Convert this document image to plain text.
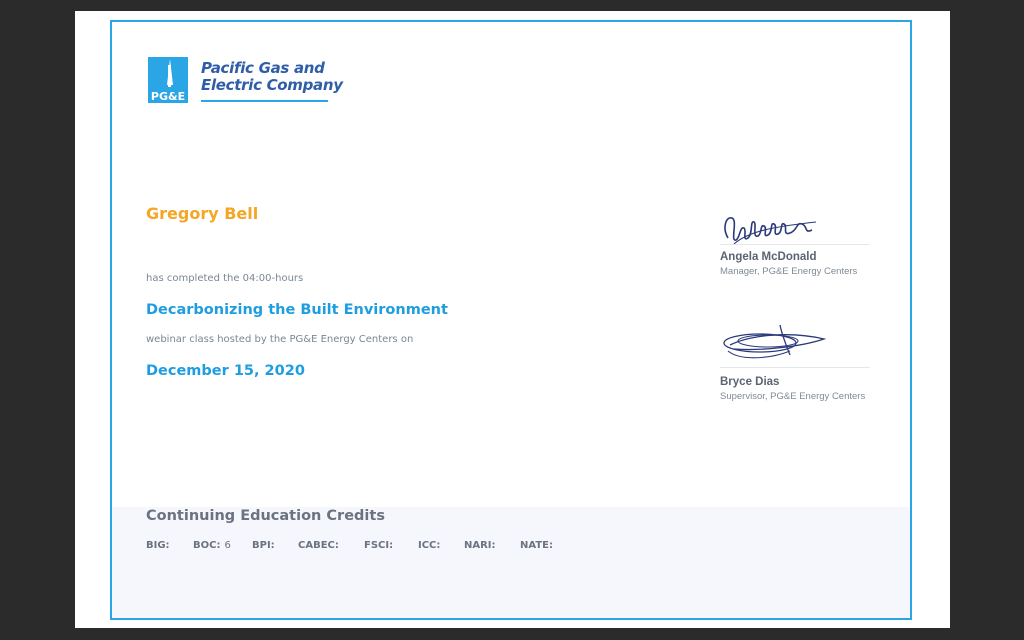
PG&E
Pacific Gas and
Electric Company
Gregory Bell
has completed the 04:00-hours
Decarbonizing the Built Environment
webinar class hosted by the PG&E Energy Centers on
December 15, 2020
Angela McDonald
Manager, PG&E Energy Centers
Bryce Dias
Supervisor, PG&E Energy Centers
Continuing Education Credits
BIG:	BOC: 6 BPI:	CABEC:	FSCI:	ICC:	NARI:	NATE:
